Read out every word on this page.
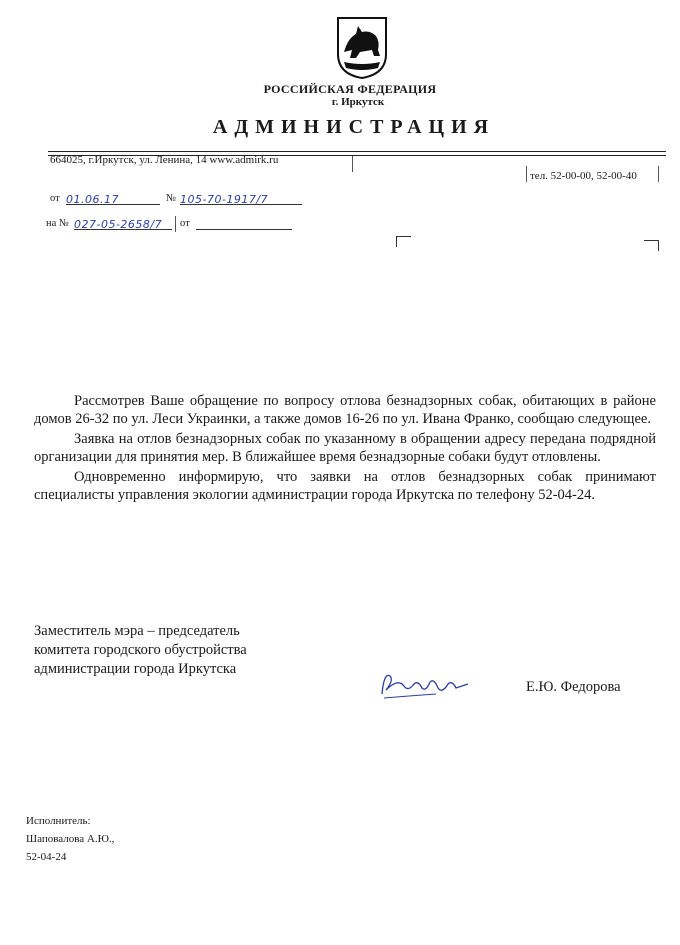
РОССИЙСКАЯ ФЕДЕРАЦИЯ
г. Иркутск
АДМИНИСТРАЦИЯ
664025, г.Иркутск, ул. Ленина, 14 www.admirk.ru
тел. 52-00-00, 52-00-40
от 01.06.17	№ 105-70-1917/7
на № 027-05-2658/7	от

Рассмотрев Ваше обращение по вопросу отлова безнадзорных собак, обитающих в районе домов 26-32 по ул. Леси Украинки, а также домов 16-26 по ул. Ивана Франко, сообщаю следующее.

Заявка на отлов безнадзорных собак по указанному в обращении адресу передана подрядной организации для принятия мер. В ближайшее время безнадзорные собаки будут отловлены.

Одновременно информирую, что заявки на отлов безнадзорных собак принимают специалисты управления экологии администрации города Иркутска по телефону 52-04-24.

Заместитель мэра – председатель
комитета городского обустройства
администрации города Иркутска
Е.Ю. Федорова
Исполнитель:
Шаповалова А.Ю.,
52-04-24
